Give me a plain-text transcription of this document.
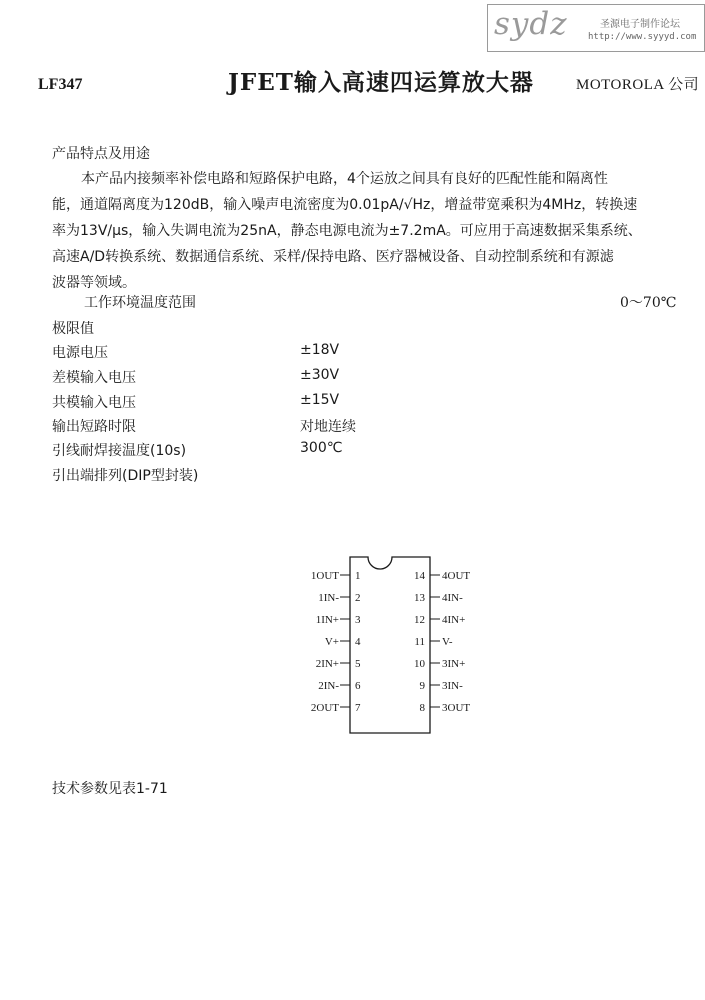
sydz	圣源电子制作论坛
http://www.syyyd.com
LF347	JFET输入高速四运算放大器	MOTOROLA 公司
产品特点及用途
本产品内接频率补偿电路和短路保护电路，4个运放之间具有良好的匹配性能和隔离性
能，通道隔离度为120dB，输入噪声电流密度为0.01pA/√Hz，增益带宽乘积为4MHz，转换速
率为13V/μs，输入失调电流为25nA，静态电源电流为±7.2mA。可应用于高速数据采集系统、
高速A/D转换系统、数据通信系统、采样/保持电路、医疗器械设备、自动控制系统和有源滤
波器等领域。
工作环境温度范围	0～70℃
极限值
电源电压	±18V
差模输入电压	±30V
共模输入电压	±15V
输出短路时限	对地连续
引线耐焊接温度(10s)	300℃
引出端排列(DIP型封装)
1OUT 1
1IN- 2
1IN+ 3
V+ 4
2IN+ 5
2IN- 6
2OUT 7
14 4OUT
13 4IN-
12 4IN+
11 V-
10 3IN+
9 3IN-
8 3OUT
技术参数见表1-71
